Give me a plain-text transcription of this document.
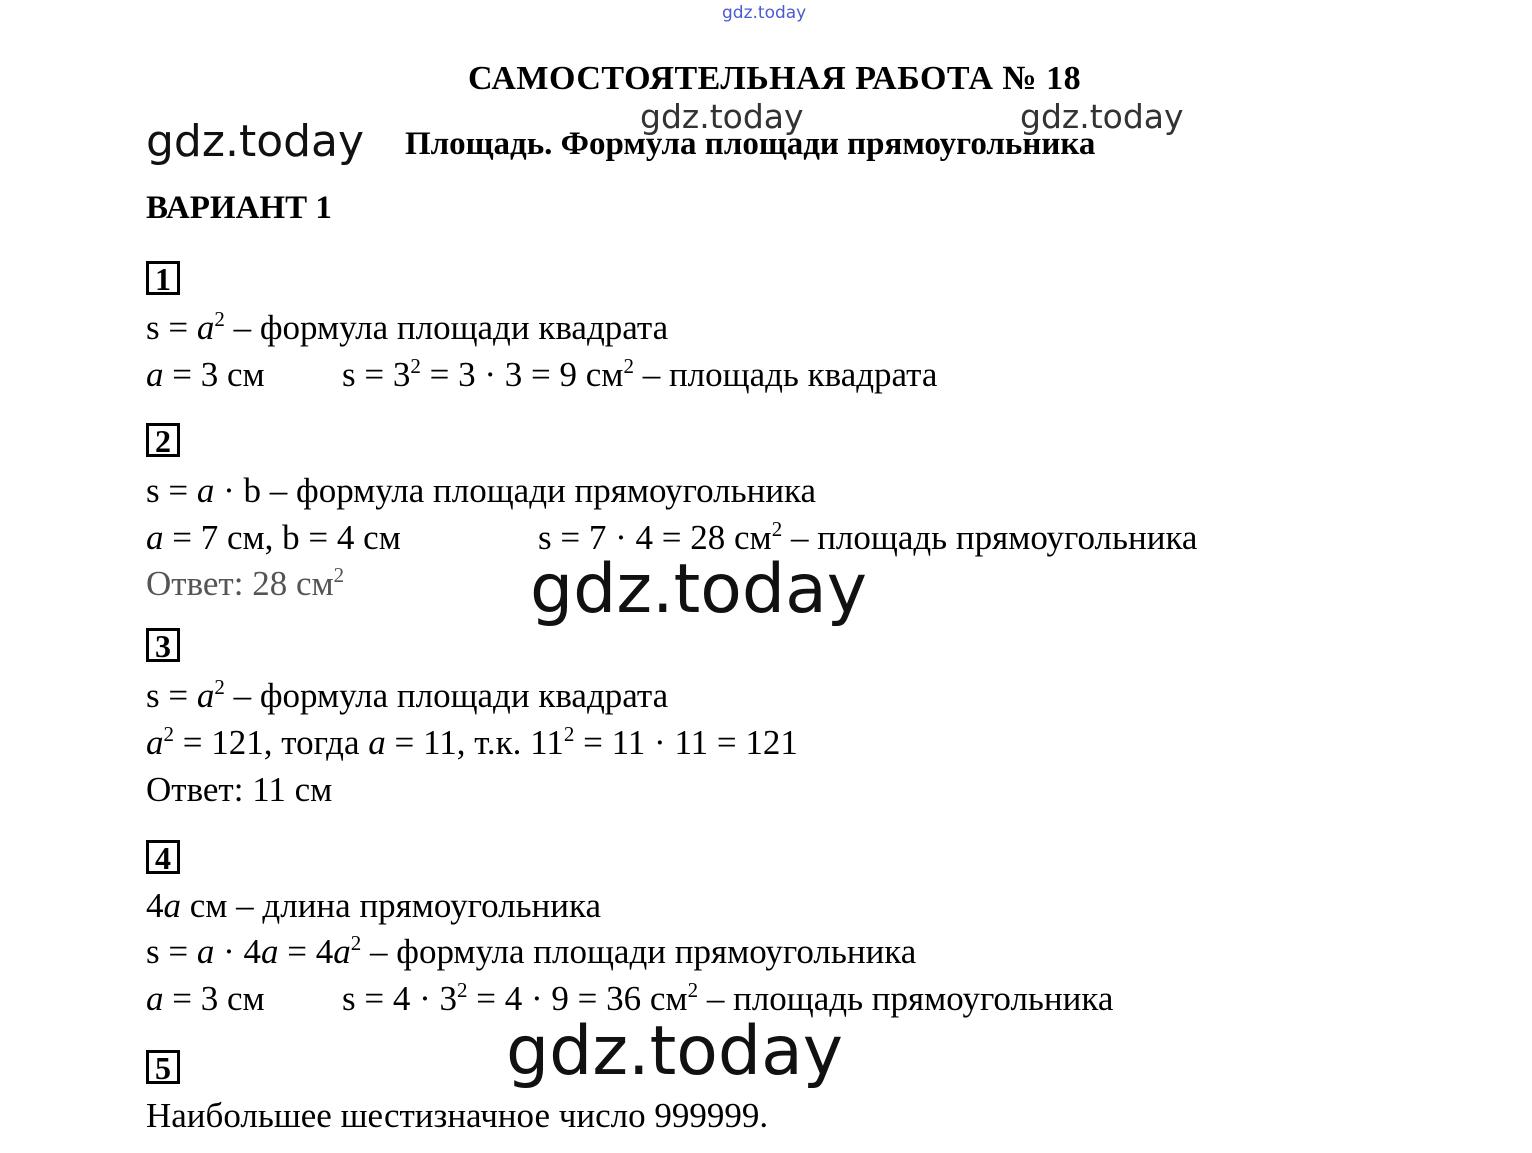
gdz.today
gdz.today	gdz.today	gdz.today
gdz.today
gdz.today
САМОСТОЯТЕЛЬНАЯ РАБОТА № 18
Площадь. Формула площади прямоугольника
ВАРИАНТ 1
1
$s = a^2$ – формула площади квадрата
a = 3 см $s = 3^2 = 3 \cdot 3 = 9$ $см^2$ – площадь квадрата
2
s = a · b – формула площади прямоугольника
a = 7 см, b = 4 см	s = 7 · 4 = 28 $см^2$ – площадь прямоугольника
Ответ: 28 $см^2$
3
$s = a^2$ – формула площади квадрата
$a^2 = 121$, тогда a = 11, т.к. $11^2 = 11 \cdot 11 = 121$
Ответ: 11 см
4
4a см – длина прямоугольника
$s = a \cdot 4a = 4a^2$ – формула площади прямоугольника
a = 3 см $s = 4 \cdot 3^2 = 4 \cdot 9 = 36$ $см^2$ – площадь прямоугольника
5
Наибольшее шестизначное число 999999.
